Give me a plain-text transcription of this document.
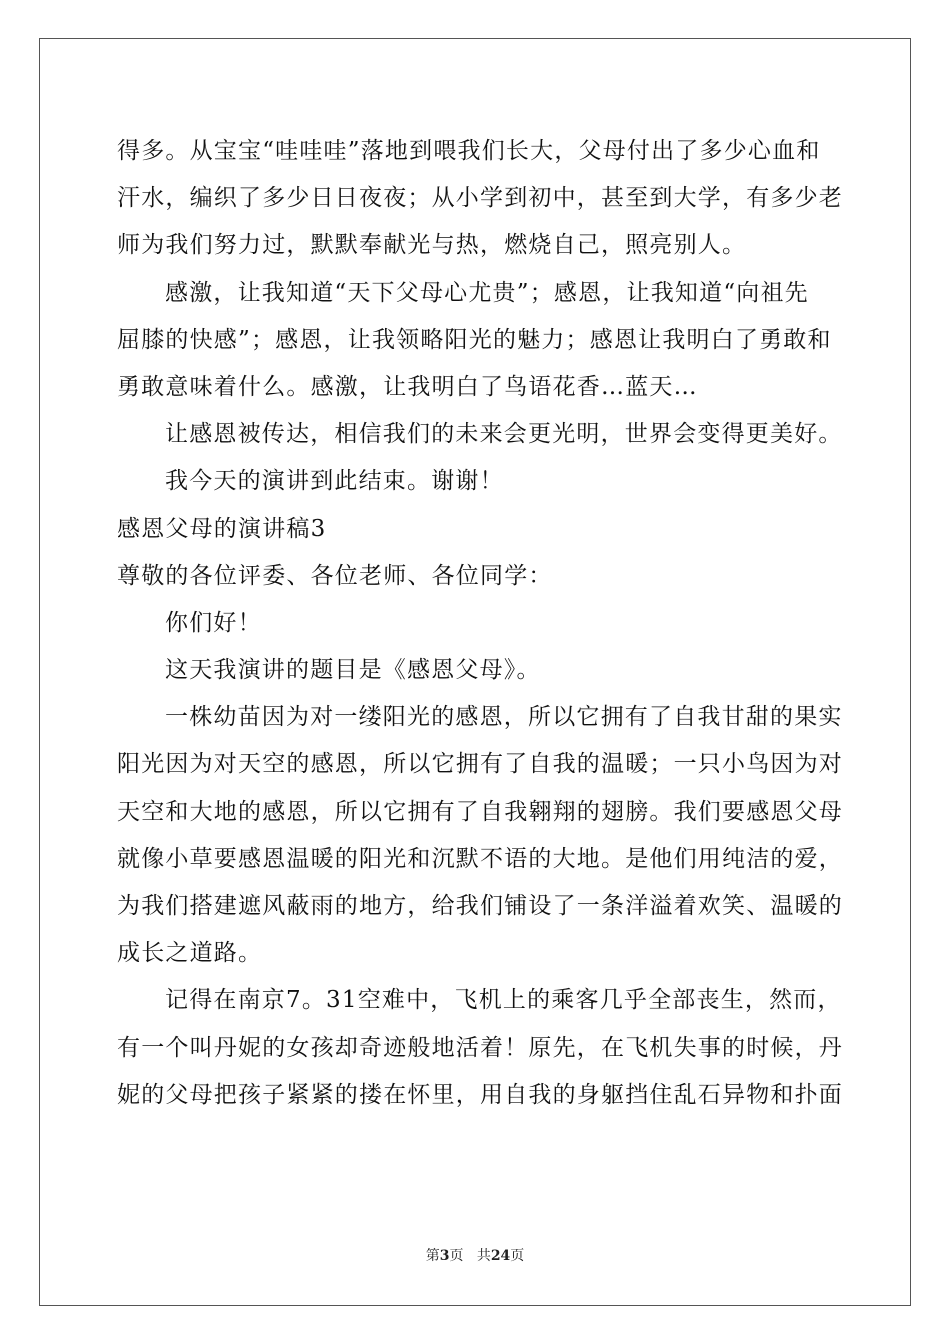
得多。从宝宝“哇哇哇”落地到喂我们长大，父母付出了多少心血和
汗水，编织了多少日日夜夜；从小学到初中，甚至到大学，有多少老
师为我们努力过，默默奉献光与热，燃烧自己，照亮别人。
感激，让我知道“天下父母心尤贵”；感恩，让我知道“向祖先
屈膝的快感”；感恩，让我领略阳光的魅力；感恩让我明白了勇敢和
勇敢意味着什么。感激，让我明白了鸟语花香…蓝天…
让感恩被传达，相信我们的未来会更光明，世界会变得更美好。
我今天的演讲到此结束。谢谢！
感恩父母的演讲稿3
尊敬的各位评委、各位老师、各位同学：
你们好！
这天我演讲的题目是《感恩父母》。
一株幼苗因为对一缕阳光的感恩，所以它拥有了自我甘甜的果实
阳光因为对天空的感恩，所以它拥有了自我的温暖；一只小鸟因为对
天空和大地的感恩，所以它拥有了自我翱翔的翅膀。我们要感恩父母
就像小草要感恩温暖的阳光和沉默不语的大地。是他们用纯洁的爱，
为我们搭建遮风蔽雨的地方，给我们铺设了一条洋溢着欢笑、温暖的
成长之道路。
记得在南京7。31空难中，飞机上的乘客几乎全部丧生，然而，
有一个叫丹妮的女孩却奇迹般地活着！原先，在飞机失事的时候，丹
妮的父母把孩子紧紧的搂在怀里，用自我的身躯挡住乱石异物和扑面
第3页 共24页
